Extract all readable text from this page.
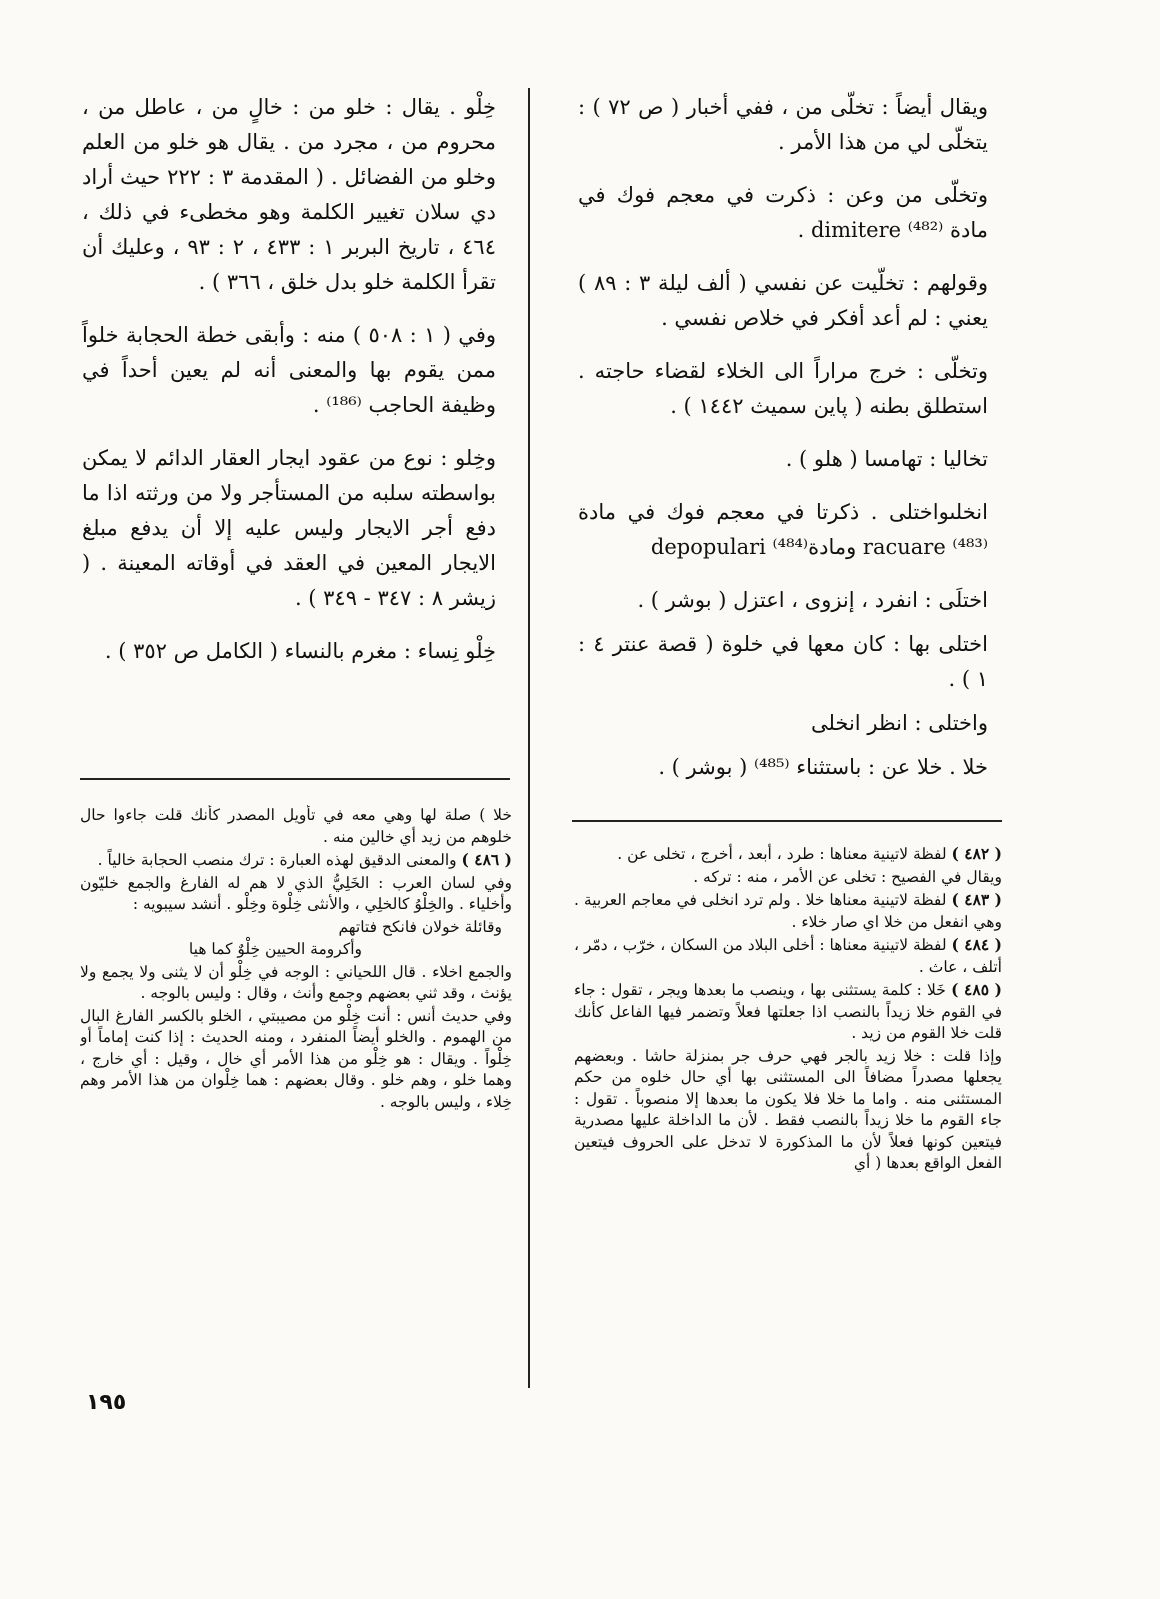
ويقال أيضاً : تخلّى من ، ففي أخبار ( ص ٧٢ ) : يتخلّى لي من هذا الأمر .

وتخلّى من وعن : ذكرت في معجم فوك في مادة dimitere ⁽⁴⁸²⁾ .

وقولهم : تخلّيت عن نفسي ( ألف ليلة ٣ : ٨٩ ) يعني : لم أعد أفكر في خلاص نفسي .

وتخلّى : خرج مراراً الى الخلاء لقضاء حاجته . استطلق بطنه ( پاين سميث ١٤٤٢ ) .

تخاليا : تهامسا ( هلو ) .

انخلىواختلى . ذكرتا في معجم فوك في مادة racuare ⁽⁴⁸³⁾ ومادةdepopulari ⁽⁴⁸⁴⁾

اختلَى : انفرد ، إنزوى ، اعتزل ( بوشر ) .

اختلى بها : كان معها في خلوة ( قصة عنتر ٤ : ١ ) .

واختلى : انظر انخلى

خلا . خلا عن : باستثناء ⁽⁴⁸⁵⁾ ( بوشر ) .

خِلْو . يقال : خلو من : خالٍ من ، عاطل من ، محروم من ، مجرد من . يقال هو خلو من العلم وخلو من الفضائل . ( المقدمة ٣ : ٢٢٢ حيث أراد دي سلان تغيير الكلمة وهو مخطىء في ذلك ، ٤٦٤ ، تاريخ البربر ١ : ٤٣٣ ، ٢ : ٩٣ ، وعليك أن تقرأ الكلمة خلو بدل خلق ، ٣٦٦ ) .

وفي ( ١ : ٥٠٨ ) منه : وأبقى خطة الحجابة خلواً ممن يقوم بها والمعنى أنه لم يعين أحداً في وظيفة الحاجب ⁽¹⁸⁶⁾ .

وخِلو : نوع من عقود ايجار العقار الدائم لا يمكن بواسطته سلبه من المستأجر ولا من ورثته اذا ما دفع أجر الايجار وليس عليه إلا أن يدفع مبلغ الايجار المعين في العقد في أوقاته المعينة . ( زيشر ٨ : ٣٤٧ - ٣٤٩ ) .

خِلْو نِساء : مغرم بالنساء ( الكامل ص ٣٥٢ ) .

( ٤٨٢ ) لفظة لاتينية معناها : طرد ، أبعد ، أخرج ، تخلى عن .

ويقال في الفصيح : تخلى عن الأمر ، منه : تركه .

( ٤٨٣ ) لفظة لاتينية معناها خلا . ولم ترد انخلى في معاجم العربية . وهي انفعل من خلا اي صار خلاء .

( ٤٨٤ ) لفظة لاتينية معناها : أخلى البلاد من السكان ، خرّب ، دمّر ، أتلف ، عاث .

( ٤٨٥ ) خَلا : كلمة يستثنى بها ، وينصب ما بعدها ويجر ، تقول : جاء في القوم خلا زيداً بالنصب اذا جعلتها فعلاً وتضمر فيها الفاعل كأنك قلت خلا القوم من زيد .

وإذا قلت : خلا زيد بالجر فهي حرف جر بمنزلة حاشا . وبعضهم يجعلها مصدراً مضافاً الى المستثنى بها أي حال خلوه من حكم المستثنى منه . واما ما خلا فلا يكون ما بعدها إلا منصوباً . تقول : جاء القوم ما خلا زيداً بالنصب فقط . لأن ما الداخلة عليها مصدرية فيتعين كونها فعلاً لأن ما المذكورة لا تدخل على الحروف فيتعين الفعل الواقع بعدها ( أي

خلا ) صلة لها وهي معه في تأويل المصدر كأنك قلت جاءوا حال خلوهم من زيد أي خالين منه .

( ٤٨٦ ) والمعنى الدقيق لهذه العبارة : ترك منصب الحجابة خالياً .

وفي لسان العرب : الخَلِيُّ الذي لا هم له الفارغ والجمع خليّون وأخلياء . والخِلْوُ كالخلِي ، والأنثى خِلْوة وخِلْو . أنشد سيبويه :

وقائلة خولان فانكح فتاتهم

وأكرومة الحيين خِلْوٌ كما هيا

والجمع اخلاء . قال اللحياني : الوجه في خِلْو أن لا يثنى ولا يجمع ولا يؤنث ، وقد ثني بعضهم وجمع وأنث ، وقال : وليس بالوجه .

وفي حديث أنس : أنت خِلْو من مصيبتي ، الخلو بالكسر الفارغ البال من الهموم . والخلو أيضاً المنفرد ، ومنه الحديث : إذا كنت إماماً أو خِلْواً . ويقال : هو خِلْو من هذا الأمر أي خال ، وقيل : أي خارج ، وهما خلو ، وهم خلو . وقال بعضهم : هما خِلْوان من هذا الأمر وهم خِلاء ، وليس بالوجه .

١٩٥
